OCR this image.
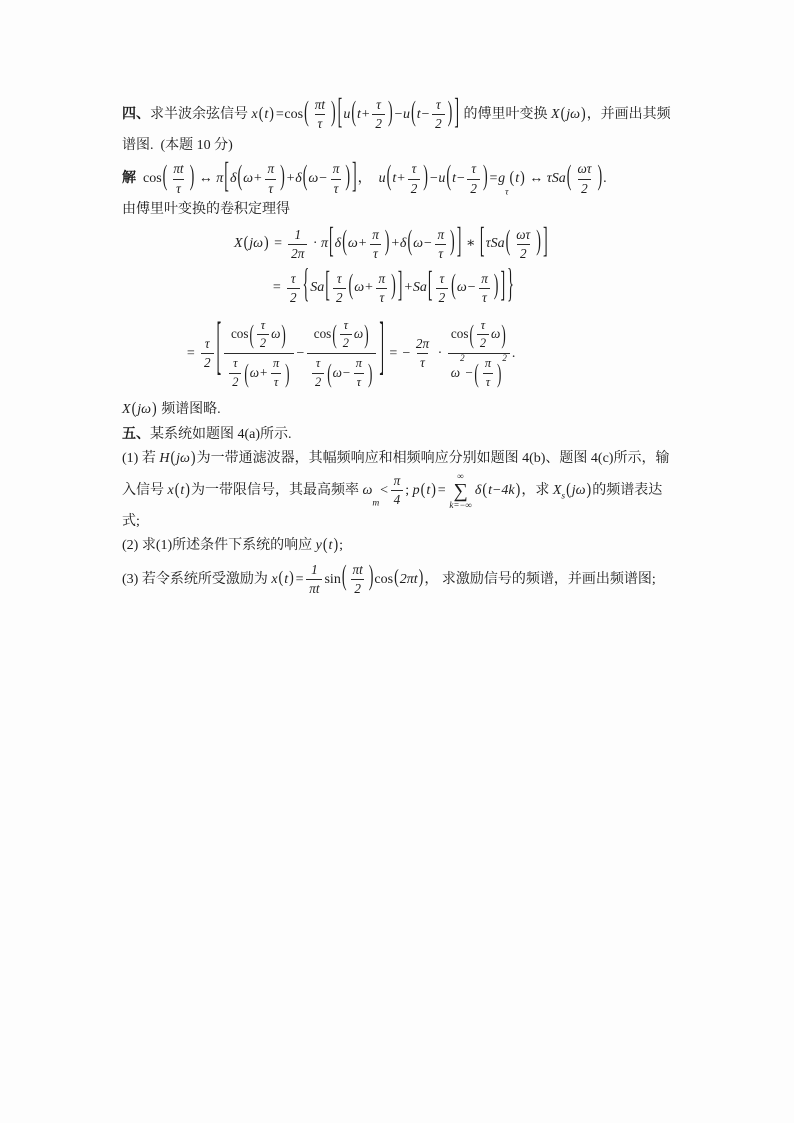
四、 求半波余弦信号 x ( t ) = cos ( $\frac{\pi t}{\tau}$ ) [ u ( $t+ \frac{\tau}{2}$ ) −u ( $t- \frac{\tau}{2}$ ) ] 的傅里叶变换 X ( jω ) ，并画出其频
谱图.  (本题 10 分)
解
cos ( $\frac{\pi t}{\tau}$ ) ↔ π [ δ ( $\omega+ \frac{\pi}{\tau}$ ) +δ ( $\omega- \frac{\pi}{\tau}$ ) ] ， u ( $t+ \frac{\tau}{2}$ ) −u ( $t- \frac{\tau}{2}$ ) =g
τ
( t ) ↔ τSa ( $\frac{\omega\tau}{2}$ ) .
由傅里叶变换的卷积定理得
X ( jω ) = $\frac{1}{2\pi} \cdot \pi$ [ δ ( $\omega+ \frac{\pi}{\tau}$ ) +δ ( $\omega- \frac{\pi}{\tau}$ ) ] ∗ [ τSa ( $\frac{\omega\tau}{2}$ ) ]
= $\frac{\tau}{2}$ { Sa [ $\frac{\tau}{2}$ ( $\omega+ \frac{\pi}{\tau}$ ) ] +Sa [ $\frac{\tau}{2}$ ( $\omega- \frac{\pi}{\tau}$ ) ] }
= $\frac{\tau}{2}$ [ $\frac{\cos ( \frac{\tau}{2} \omega )}{\frac{\tau}{2} ( \omega+ \frac{\pi}{\tau} )} - \frac{\cos ( \frac{\tau}{2} \omega )}{\frac{\tau}{2} ( \omega- \frac{\pi}{\tau} )}$ ] = − $\frac{2\pi}{\tau} \cdot \cos$ ( $\frac{\tau}{2}$ ω )
ω
2
− ( $\frac{\pi}{\tau}$ ) 2 .
X ( jω ) 频谱图略.
五、 某系统如题图 4(a)所示.
(1) 若 H ( jω ) 为一带通滤波器，其幅频响应和相频响应分别如题图 4(b)、题图 4(c)所示，输
入信号 x ( t ) 为一带限信号，其最高频率 ω
m
< $\frac{\pi}{4}$ ; p ( t ) =
∞
∑
k=−∞
δ ( t−4k ) ， 求 X s ( jω ) 的频谱表达
式;
(2) 求(1)所述条件下系统的响应 y ( t ) ;
(3) 若令系统所受激励为 x ( t ) = $\frac{1}{\pi t}$ sin ( $\frac{\pi t}{2}$ ) cos ( 2πt ) ， 求激励信号的频谱，并画出频谱图;
